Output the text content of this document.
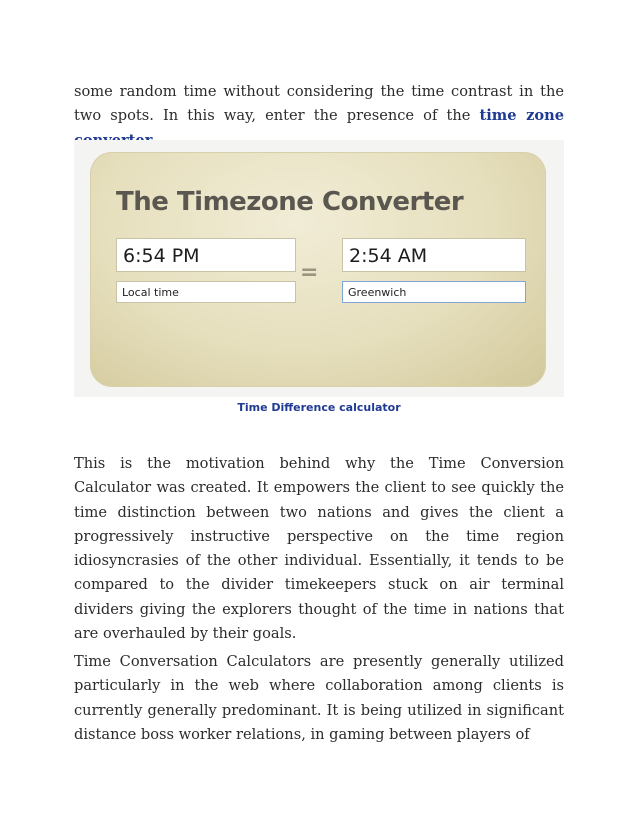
some random time without considering the time contrast in the two spots. In this way, enter the presence of the time zone

The Timezone Converter
6:54 PM
Local time
=
2:54 AM
Greenwich
Time Difference calculator

This is the motivation behind why the Time Conversion Calculator was created. It empowers the client to see quickly the time distinction between two nations and gives the client a progressively instructive perspective on the time region idiosyncrasies of the other individual. Essentially, it tends to be compared to the divider timekeepers stuck on air terminal dividers giving the explorers thought of the time in nations that are overhauled by their goals.

Time Conversation Calculators are presently generally utilized particularly in the web where collaboration among clients is currently generally predominant. It is being utilized in significant distance boss worker relations, in gaming between players of
